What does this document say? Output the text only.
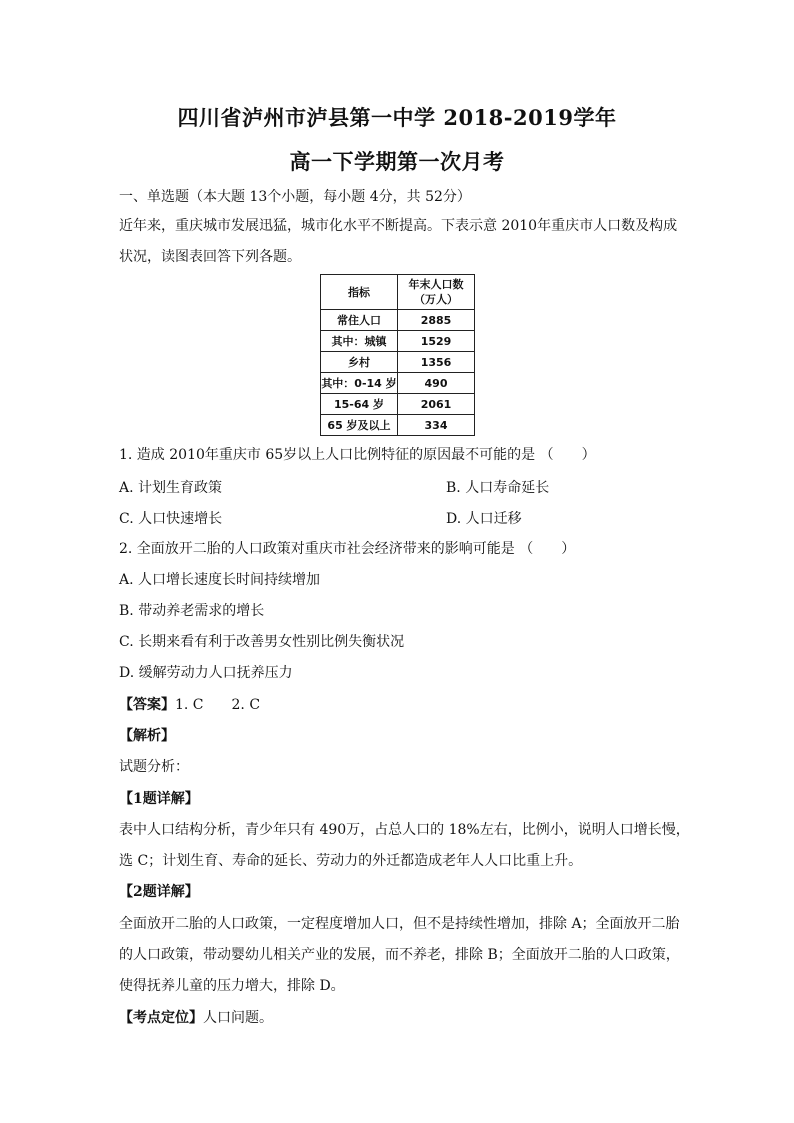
四川省泸州市泸县第一中学 2018-2019学年
高一下学期第一次月考
一、单选题（本大题 13个小题，每小题 4分，共 52分）
近年来，重庆城市发展迅猛，城市化水平不断提高。下表示意 2010年重庆市人口数及构成
状况，读图表回答下列各题。
指标	年末人口数
（万人）

常住人口	2885
其中：城镇	1529
乡村	1356
其中：0-14 岁	490
15-64 岁	2061
65 岁及以上	334
1. 造成 2010年重庆市 65岁以上人口比例特征的原因最不可能的是 （　　）
A. 计划生育政策	B. 人口寿命延长
C. 人口快速增长	D. 人口迁移
2. 全面放开二胎的人口政策对重庆市社会经济带来的影响可能是 （　　）
A. 人口增长速度长时间持续增加
B. 带动养老需求的增长
C. 长期来看有利于改善男女性别比例失衡状况
D. 缓解劳动力人口抚养压力
【答案】1. C　　2. C
【解析】
试题分析：
【1题详解】
表中人口结构分析，青少年只有 490万，占总人口的 18%左右，比例小，说明人口增长慢，
选 C；计划生育、寿命的延长、劳动力的外迁都造成老年人人口比重上升。
【2题详解】
全面放开二胎的人口政策，一定程度增加人口，但不是持续性增加，排除 A；全面放开二胎
的人口政策，带动婴幼儿相关产业的发展，而不养老，排除 B；全面放开二胎的人口政策，
使得抚养儿童的压力增大，排除 D。
【考点定位】人口问题。
